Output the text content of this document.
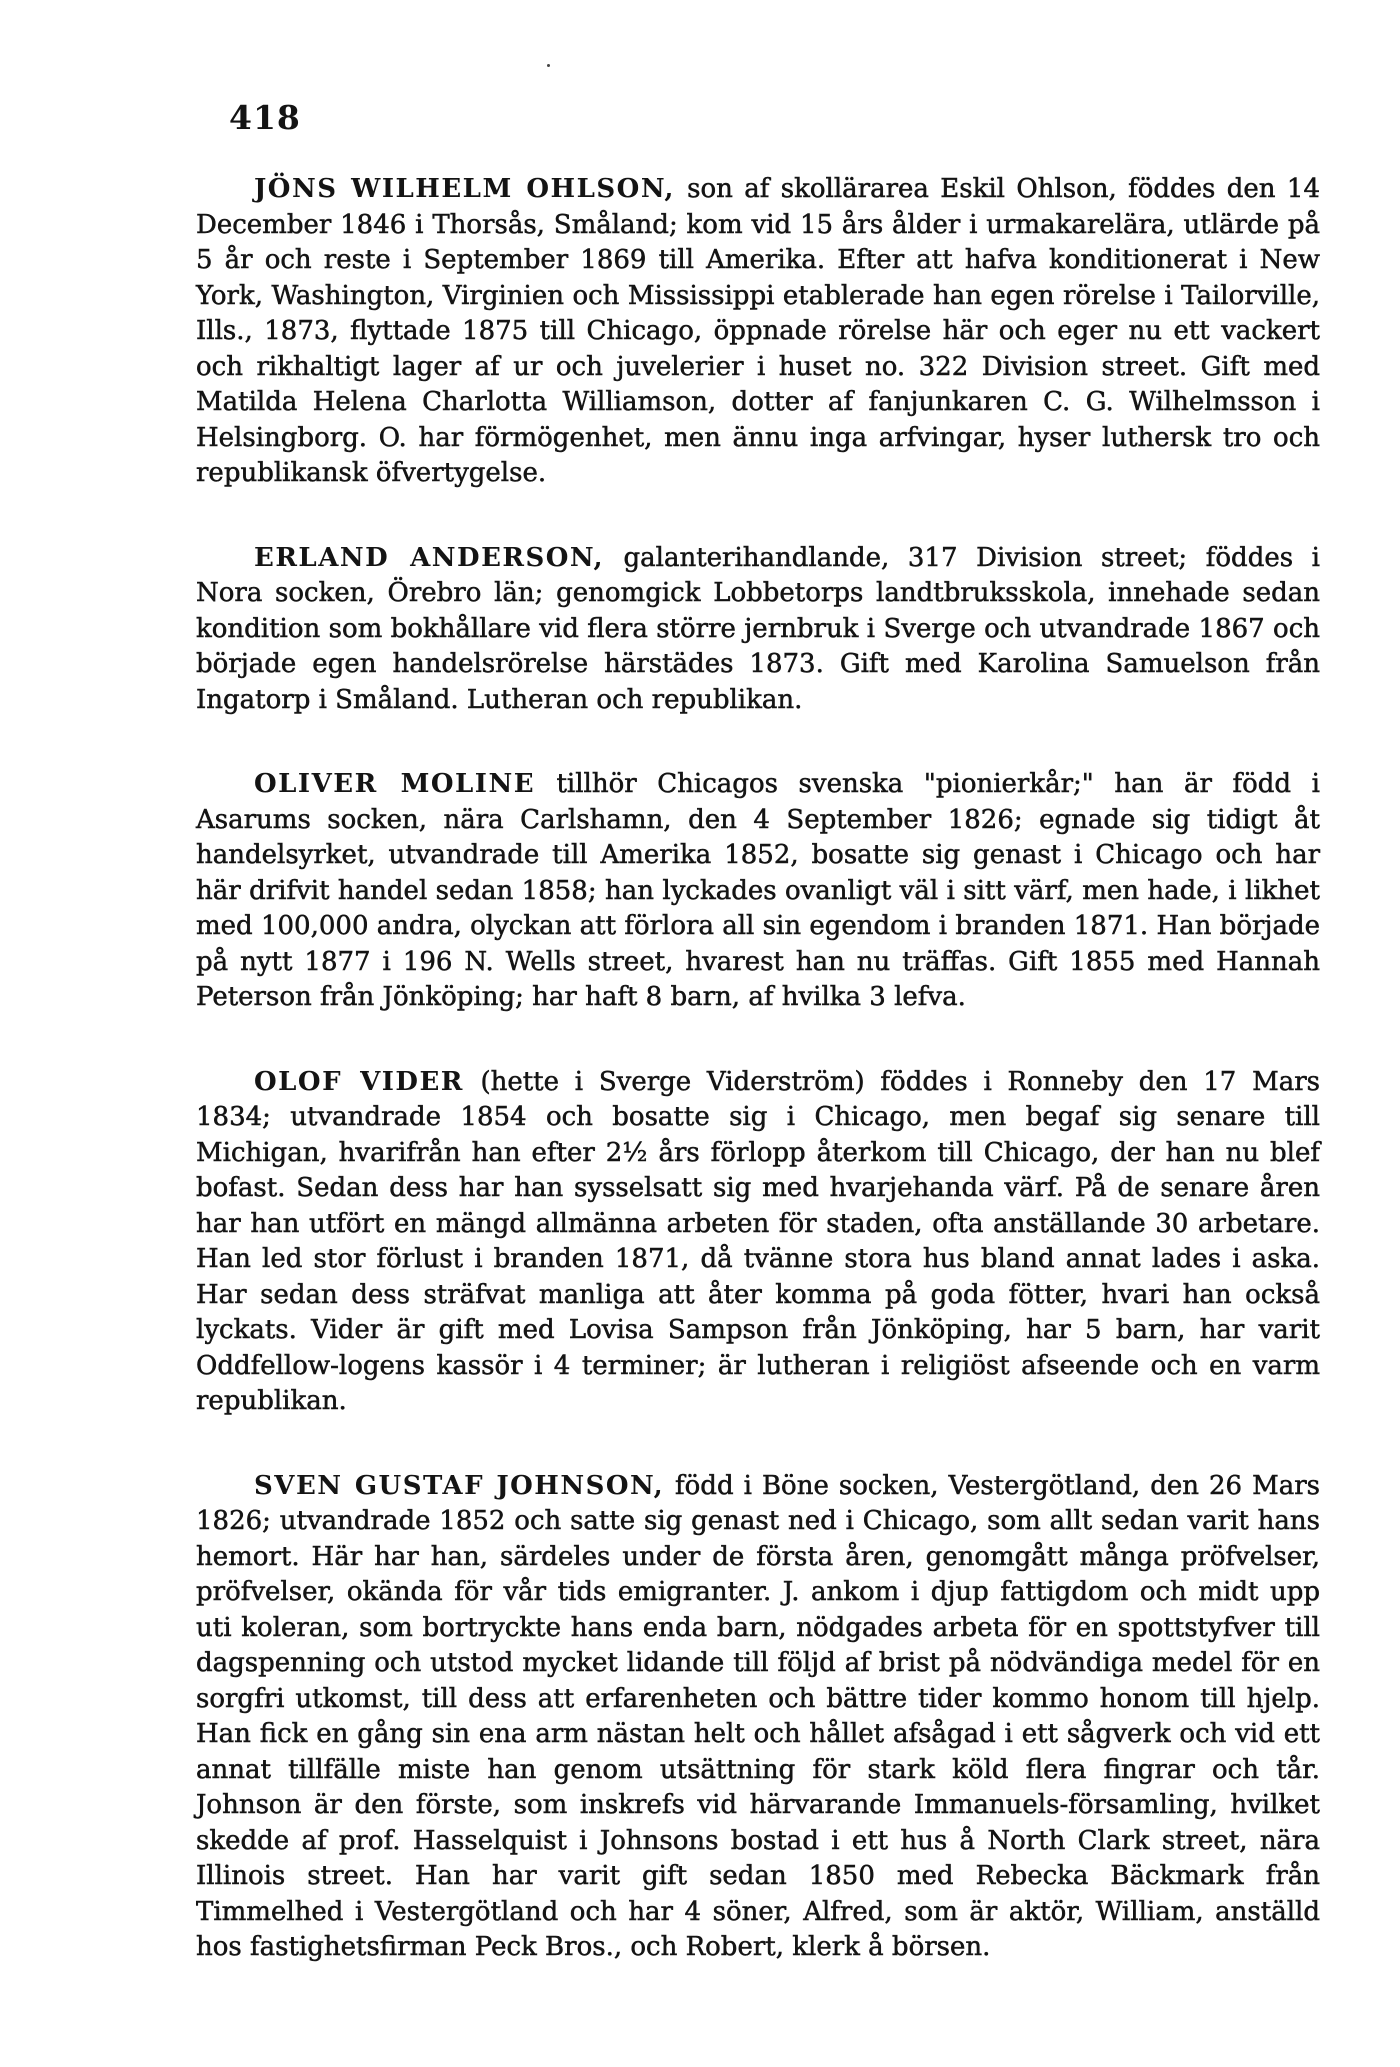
418

JÖNS WILHELM OHLSON, son af skollärarea Eskil Ohlson, föddes den 14 December 1846 i Thorsås, Småland; kom vid 15 års ålder i urmakarelära, utlärde på 5 år och reste i September 1869 till Amerika. Efter att hafva konditionerat i New York, Washington, Virginien och Mississippi etablerade han egen rörelse i Tailorville, Ills., 1873, flyttade 1875 till Chicago, öppnade rörelse här och eger nu ett vackert och rikhaltigt lager af ur och juvelerier i huset no. 322 Division street. Gift med Matilda Helena Charlotta Williamson, dotter af fanjunkaren C. G. Wilhelmsson i Helsingborg. O. har förmögenhet, men ännu inga arfvingar, hyser luthersk tro och republikansk öfvertygelse.

ERLAND ANDERSON, galanterihandlande, 317 Division street; föddes i Nora socken, Örebro län; genomgick Lobbetorps landtbruksskola, innehade sedan kondition som bokhållare vid flera större jernbruk i Sverge och utvandrade 1867 och började egen handelsrörelse härstädes 1873. Gift med Karolina Samuelson från Ingatorp i Småland. Lutheran och republikan.

OLIVER MOLINE tillhör Chicagos svenska "pionierkår;" han är född i Asarums socken, nära Carlshamn, den 4 September 1826; egnade sig tidigt åt handelsyrket, utvandrade till Amerika 1852, bosatte sig genast i Chicago och har här drifvit handel sedan 1858; han lyckades ovanligt väl i sitt värf, men hade, i likhet med 100,000 andra, olyckan att förlora all sin egendom i branden 1871. Han började på nytt 1877 i 196 N. Wells street, hvarest han nu träffas. Gift 1855 med Hannah Peterson från Jönköping; har haft 8 barn, af hvilka 3 lefva.

OLOF VIDER (hette i Sverge Viderström) föddes i Ronneby den 17 Mars 1834; utvandrade 1854 och bosatte sig i Chicago, men begaf sig senare till Michigan, hvarifrån han efter 2½ års förlopp återkom till Chicago, der han nu blef bofast. Sedan dess har han sysselsatt sig med hvarjehanda värf. På de senare åren har han utfört en mängd allmänna arbeten för staden, ofta anställande 30 arbetare. Han led stor förlust i branden 1871, då tvänne stora hus bland annat lades i aska. Har sedan dess sträfvat manliga att åter komma på goda fötter, hvari han också lyckats. Vider är gift med Lovisa Sampson från Jönköping, har 5 barn, har varit Oddfellow-logens kassör i 4 terminer; är lutheran i religiöst afseende och en varm republikan.

SVEN GUSTAF JOHNSON, född i Böne socken, Vestergötland, den 26 Mars 1826; utvandrade 1852 och satte sig genast ned i Chicago, som allt sedan varit hans hemort. Här har han, särdeles under de första åren, genomgått många pröfvelser, pröfvelser, okända för vår tids emigranter. J. ankom i djup fattigdom och midt upp uti koleran, som bortryckte hans enda barn, nödgades arbeta för en spottstyfver till dagspenning och utstod mycket lidande till följd af brist på nödvändiga medel för en sorgfri utkomst, till dess att erfarenheten och bättre tider kommo honom till hjelp. Han fick en gång sin ena arm nästan helt och hållet afsågad i ett sågverk och vid ett annat tillfälle miste han genom utsättning för stark köld flera fingrar och tår. Johnson är den förste, som inskrefs vid härvarande Immanuels-församling, hvilket skedde af prof. Hasselquist i Johnsons bostad i ett hus å North Clark street, nära Illinois street. Han har varit gift sedan 1850 med Rebecka Bäckmark från Timmelhed i Vestergötland och har 4 söner, Alfred, som är aktör, William, anställd hos fastighetsfirman Peck Bros., och Robert, klerk å börsen.
